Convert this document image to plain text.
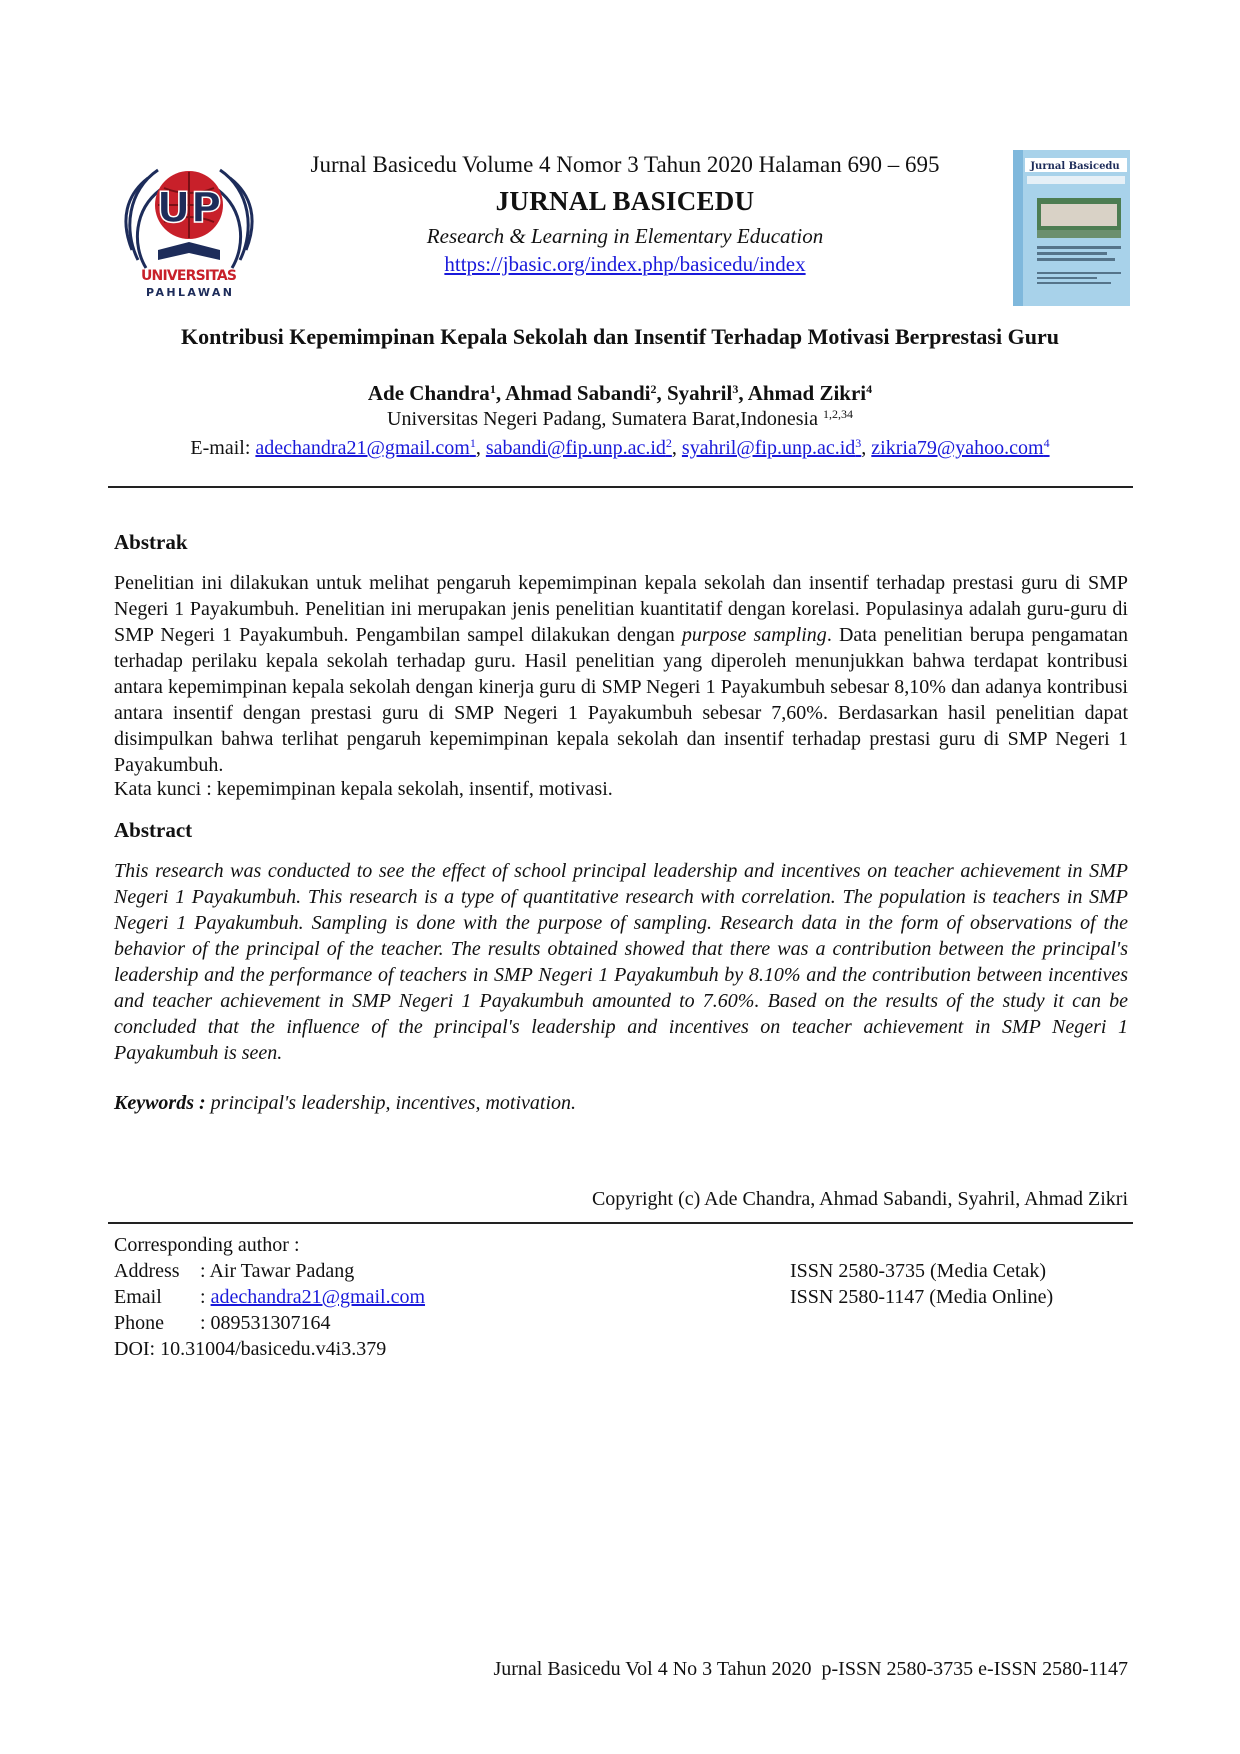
UP
UNIVERSITAS
PAHLAWAN
Jurnal Basicedu
Jurnal Basicedu Volume 4 Nomor 3 Tahun 2020 Halaman 690 – 695
JURNAL BASICEDU
Research & Learning in Elementary Education
https://jbasic.org/index.php/basicedu/index
Kontribusi Kepemimpinan Kepala Sekolah dan Insentif Terhadap Motivasi Berprestasi Guru
Ade Chandra$^1$, Ahmad Sabandi$^2$, Syahril$^3$, Ahmad Zikri$^4$
Universitas Negeri Padang, Sumatera Barat,Indonesia $^{1,2,34}$
E-mail: adechandra21@gmail.com$^1$, sabandi@fip.unp.ac.id$^2$, syahril@fip.unp.ac.id$^3$, zikria79@yahoo.com$^4$
Abstrak
Penelitian ini dilakukan untuk melihat pengaruh kepemimpinan kepala sekolah dan insentif terhadap prestasi guru di SMP Negeri 1 Payakumbuh. Penelitian ini merupakan jenis penelitian kuantitatif dengan korelasi. Populasinya adalah guru-guru di SMP Negeri 1 Payakumbuh. Pengambilan sampel dilakukan dengan purpose sampling. Data penelitian berupa pengamatan terhadap perilaku kepala sekolah terhadap guru. Hasil penelitian yang diperoleh menunjukkan bahwa terdapat kontribusi antara kepemimpinan kepala sekolah dengan kinerja guru di SMP Negeri 1 Payakumbuh sebesar 8,10% dan adanya kontribusi antara insentif dengan prestasi guru di SMP Negeri 1 Payakumbuh sebesar 7,60%. Berdasarkan hasil penelitian dapat disimpulkan bahwa terlihat pengaruh kepemimpinan kepala sekolah dan insentif terhadap prestasi guru di SMP Negeri 1 Payakumbuh.
Kata kunci : kepemimpinan kepala sekolah, insentif, motivasi.
Abstract
This research was conducted to see the effect of school principal leadership and incentives on teacher achievement in SMP Negeri 1 Payakumbuh. This research is a type of quantitative research with correlation. The population is teachers in SMP Negeri 1 Payakumbuh. Sampling is done with the purpose of sampling. Research data in the form of observations of the behavior of the principal of the teacher. The results obtained showed that there was a contribution between the principal's leadership and the performance of teachers in SMP Negeri 1 Payakumbuh by 8.10% and the contribution between incentives and teacher achievement in SMP Negeri 1 Payakumbuh amounted to 7.60%. Based on the results of the study it can be concluded that the influence of the principal's leadership and incentives on teacher achievement in SMP Negeri 1 Payakumbuh is seen.
Keywords : principal's leadership, incentives, motivation.
Copyright (c) Ade Chandra, Ahmad Sabandi, Syahril, Ahmad Zikri
Corresponding author :
Address : Air Tawar Padang
Email : adechandra21@gmail.com
Phone : 089531307164
DOI: 10.31004/basicedu.v4i3.379
ISSN 2580-3735 (Media Cetak)
ISSN 2580-1147 (Media Online)
Jurnal Basicedu Vol 4 No 3 Tahun 2020  p-ISSN 2580-3735 e-ISSN 2580-1147
